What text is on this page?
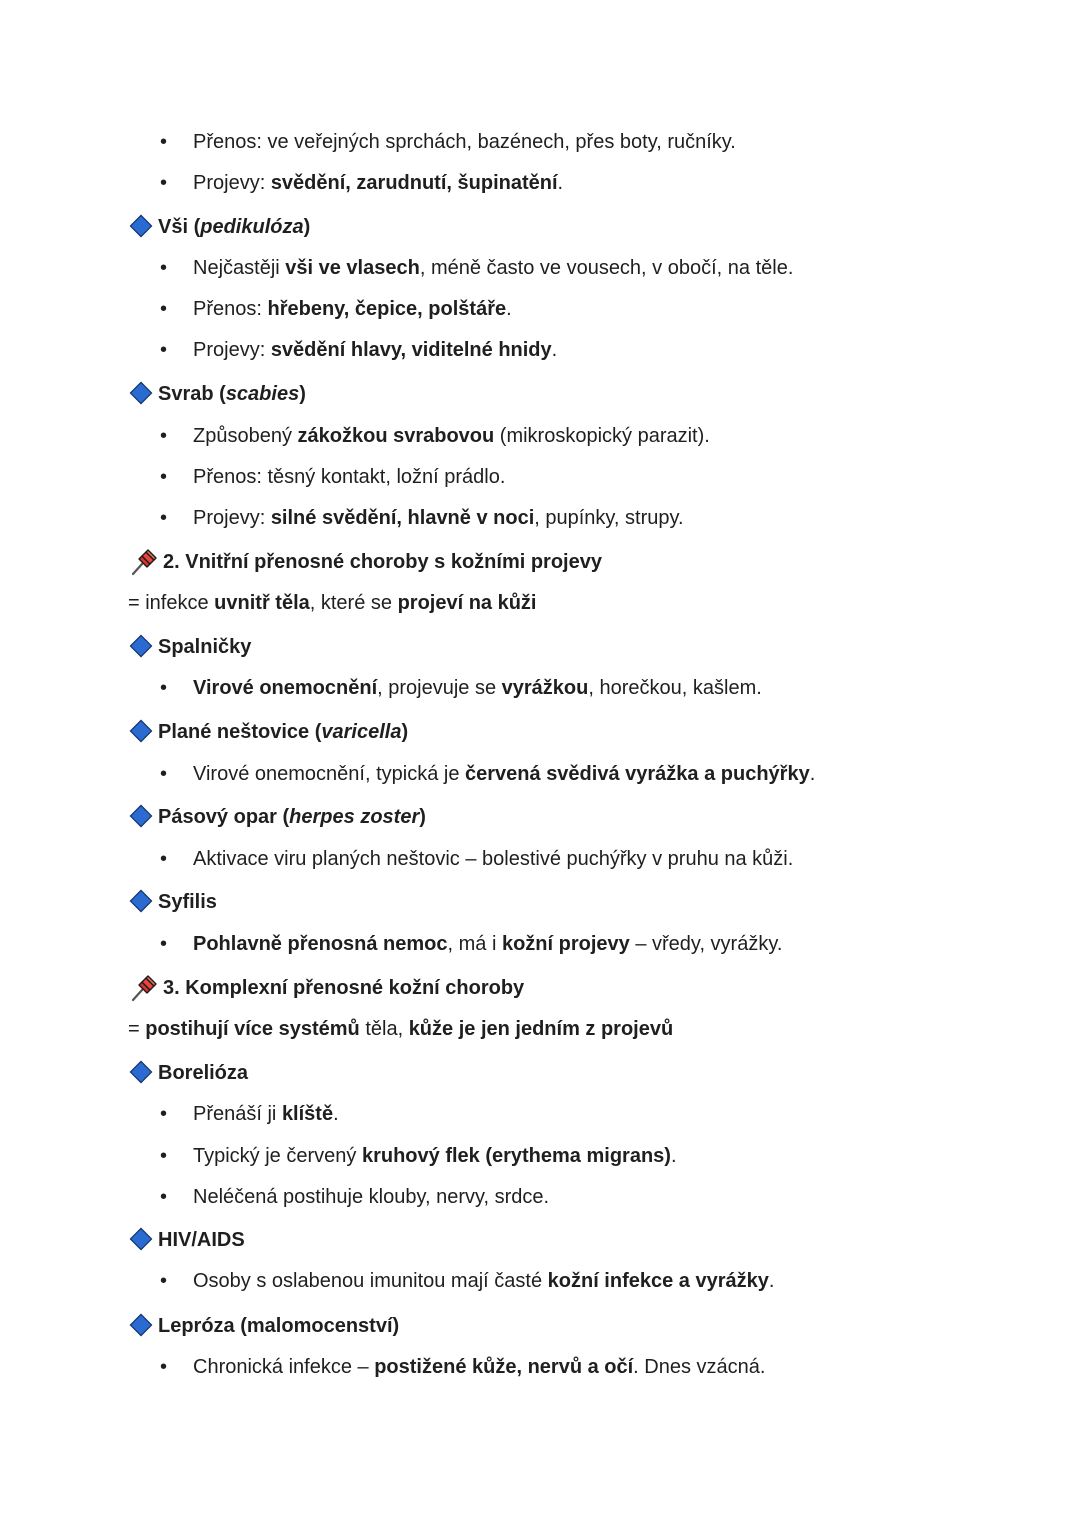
•
Přenos: ve veřejných sprchách, bazénech, přes boty, ručníky.
•
Projevy: svědění, zarudnutí, šupinatění.
Vši (pedikulóza)
•
Nejčastěji vši ve vlasech, méně často ve vousech, v obočí, na těle.
•
Přenos: hřebeny, čepice, polštáře.
•
Projevy: svědění hlavy, viditelné hnidy.
Svrab (scabies)
•
Způsobený zákožkou svrabovou (mikroskopický parazit).
•
Přenos: těsný kontakt, ložní prádlo.
•
Projevy: silné svědění, hlavně v noci, pupínky, strupy.
2. Vnitřní přenosné choroby s kožními projevy
= infekce uvnitř těla, které se projeví na kůži
Spalničky
•
Virové onemocnění, projevuje se vyrážkou, horečkou, kašlem.
Plané neštovice (varicella)
•
Virové onemocnění, typická je červená svědivá vyrážka a puchýřky.
Pásový opar (herpes zoster)
•
Aktivace viru planých neštovic – bolestivé puchýřky v pruhu na kůži.
Syfilis
•
Pohlavně přenosná nemoc, má i kožní projevy – vředy, vyrážky.
3. Komplexní přenosné kožní choroby
= postihují více systémů těla, kůže je jen jedním z projevů
Borelióza
•
Přenáší ji klíště.
•
Typický je červený kruhový flek (erythema migrans).
•
Neléčená postihuje klouby, nervy, srdce.
HIV/AIDS
•
Osoby s oslabenou imunitou mají časté kožní infekce a vyrážky.
Lepróza (malomocenství)
•
Chronická infekce – postižené kůže, nervů a očí. Dnes vzácná.
